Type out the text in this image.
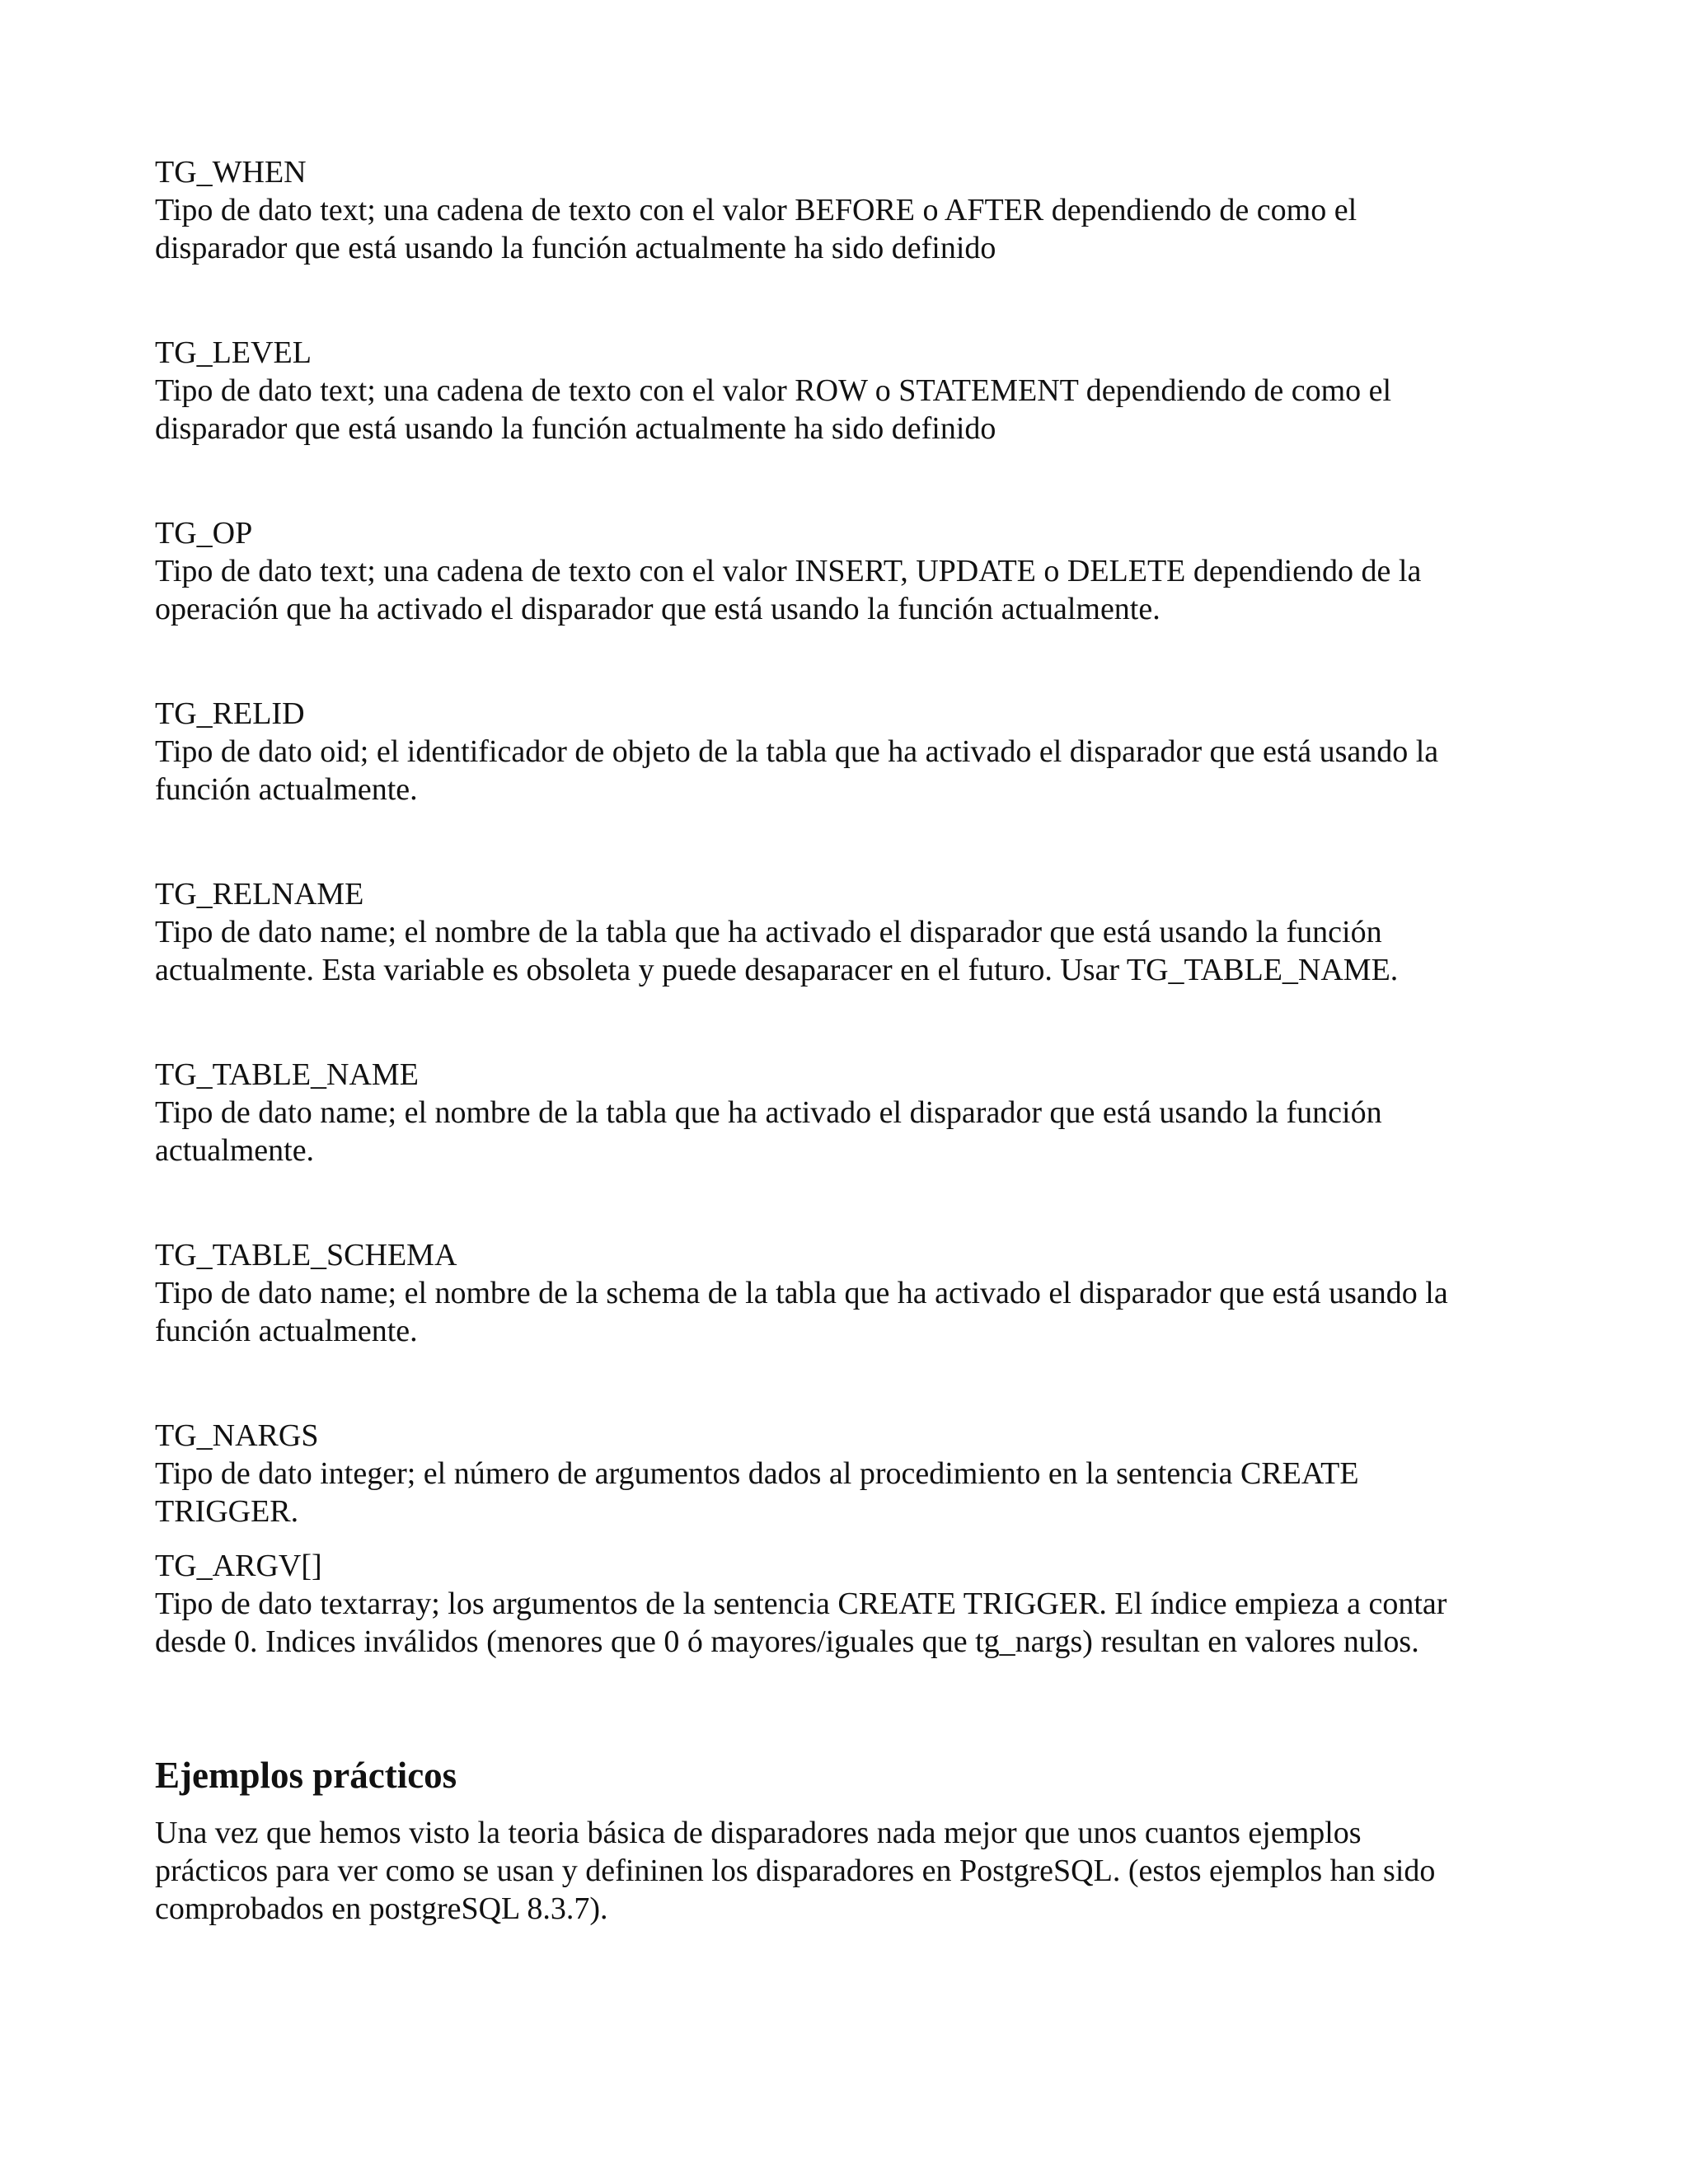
TG_WHEN
Tipo de dato text; una cadena de texto con el valor BEFORE o AFTER dependiendo de como el
disparador que está usando la función actualmente ha sido definido
TG_LEVEL
Tipo de dato text; una cadena de texto con el valor ROW o STATEMENT dependiendo de como el
disparador que está usando la función actualmente ha sido definido
TG_OP
Tipo de dato text; una cadena de texto con el valor INSERT, UPDATE o DELETE dependiendo de la
operación que ha activado el disparador que está usando la función actualmente.
TG_RELID
Tipo de dato oid; el identificador de objeto de la tabla que ha activado el disparador que está usando la
función actualmente.
TG_RELNAME
Tipo de dato name; el nombre de la tabla que ha activado el disparador que está usando la función
actualmente. Esta variable es obsoleta y puede desaparacer en el futuro. Usar TG_TABLE_NAME.
TG_TABLE_NAME
Tipo de dato name; el nombre de la tabla que ha activado el disparador que está usando la función
actualmente.
TG_TABLE_SCHEMA
Tipo de dato name; el nombre de la schema de la tabla que ha activado el disparador que está usando la
función actualmente.
TG_NARGS
Tipo de dato integer; el número de argumentos dados al procedimiento en la sentencia CREATE
TRIGGER.
TG_ARGV[]
Tipo de dato textarray; los argumentos de la sentencia CREATE TRIGGER. El índice empieza a contar
desde 0. Indices inválidos (menores que 0 ó mayores/iguales que tg_nargs) resultan en valores nulos.
Ejemplos prácticos
Una vez que hemos visto la teoria básica de disparadores nada mejor que unos cuantos ejemplos
prácticos para ver como se usan y defininen los disparadores en PostgreSQL. (estos ejemplos han sido
comprobados en postgreSQL 8.3.7).
